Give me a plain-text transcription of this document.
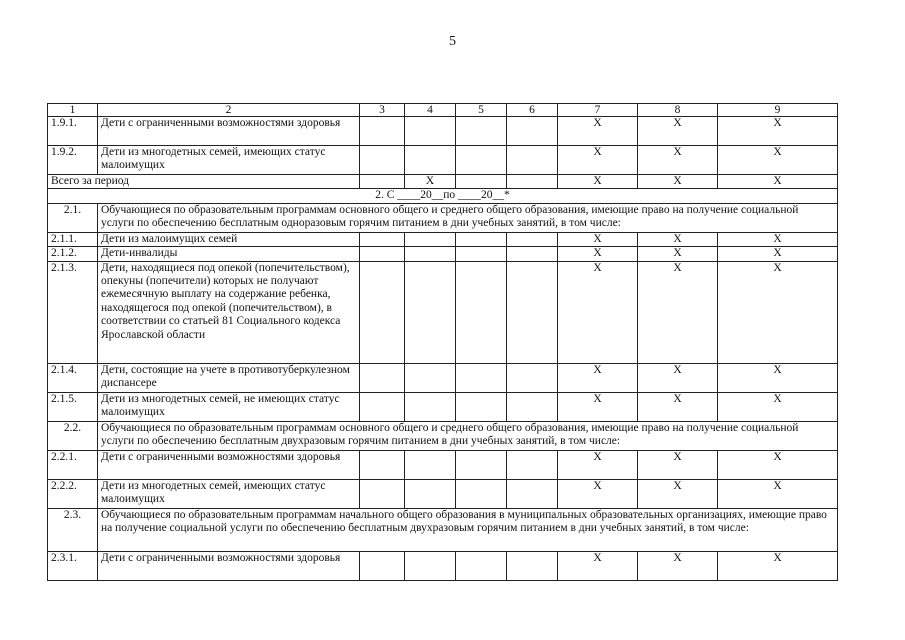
5
1	2	3	4	5	6	7	8	9
1.9.1.	Дети с ограниченными возможностями здоровья					Х	Х	Х
1.9.2.	Дети из многодетных семей, имеющих статус малоимущих					Х	Х	Х
Всего за период			Х			Х	Х	Х
2. С ____20__по ____20__*								
2.1.	Обучающиеся по образовательным программам основного общего и среднего общего образования, имеющие право на получение социальной услуги по обеспечению бесплатным одноразовым горячим питанием в дни учебных занятий, в том числе:							
2.1.1.	Дети из малоимущих семей					Х	Х	Х
2.1.2.	Дети-инвалиды					Х	Х	Х
2.1.3.	Дети, находящиеся под опекой (попечительством), опекуны (попечители) которых не получают ежемесячную выплату на содержание ребенка, находящегося под опекой (попечительством), в соответствии со статьей 81 Социального кодекса Ярославской области					Х	Х	Х
2.1.4.	Дети, состоящие на учете в противотуберкулезном диспансере					Х	Х	Х
2.1.5.	Дети из многодетных семей, не имеющих статус малоимущих					Х	Х	Х
2.2.	Обучающиеся по образовательным программам основного общего и среднего общего образования, имеющие право на получение социальной услуги по обеспечению бесплатным двухразовым горячим питанием в дни учебных занятий, в том числе:							
2.2.1.	Дети с ограниченными возможностями здоровья					Х	Х	Х
2.2.2.	Дети из многодетных семей, имеющих статус малоимущих					Х	Х	Х
2.3.	Обучающиеся по образовательным программам начального общего образования в муниципальных образовательных организациях, имеющие право на получение социальной услуги по обеспечению бесплатным двухразовым горячим питанием в дни учебных занятий, в том числе:							
2.3.1.	Дети с ограниченными возможностями здоровья					Х	Х	Х
